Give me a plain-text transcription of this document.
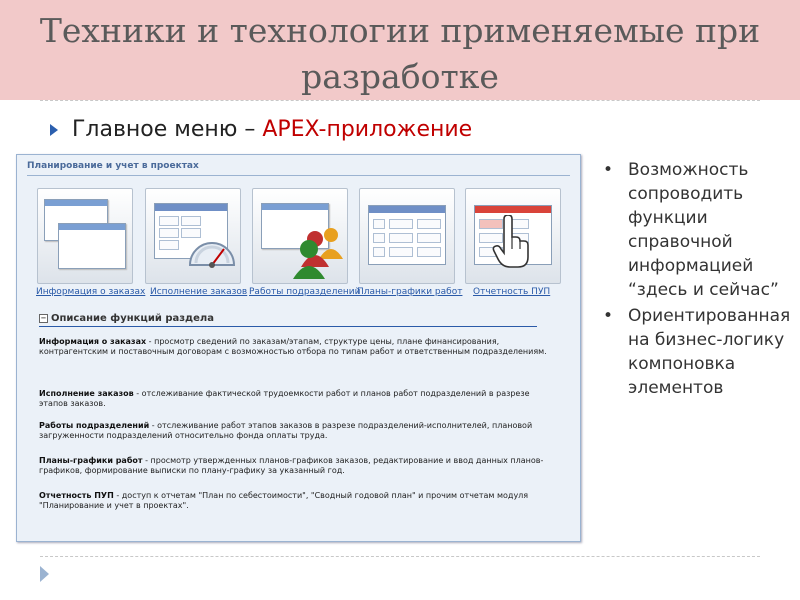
Техники и технологии применяемые при разработке
Главное меню – APEX-приложение
Планирование и учет в проектах
Информация о заказах Исполнение заказов Работы подразделений
Планы-графики работ Отчетность ПУП
− Описание функций раздела
Информация о заказах - просмотр сведений по заказам/этапам, структуре цены, плане финансирования, контрагентским и поставочным договорам с возможностью отбора по типам работ и ответственным подразделениям.
Исполнение заказов - отслеживание фактической трудоемкости работ и планов работ подразделений в разрезе этапов заказов.
Работы подразделений - отслеживание работ этапов заказов в разрезе подразделений-исполнителей, плановой загруженности подразделений относительно фонда оплаты труда.
Планы-графики работ - просмотр утвержденных планов-графиков заказов, редактирование и ввод данных планов-графиков, формирование выписки по плану-графику за указанный год.
Отчетность ПУП - доступ к отчетам "План по себестоимости", "Сводный годовой план" и прочим отчетам модуля "Планирование и учет в проектах".
• Возможность сопроводить функции справочной информацией “здесь и сейчас”
• Ориентированная на бизнес-логику компоновка элементов
